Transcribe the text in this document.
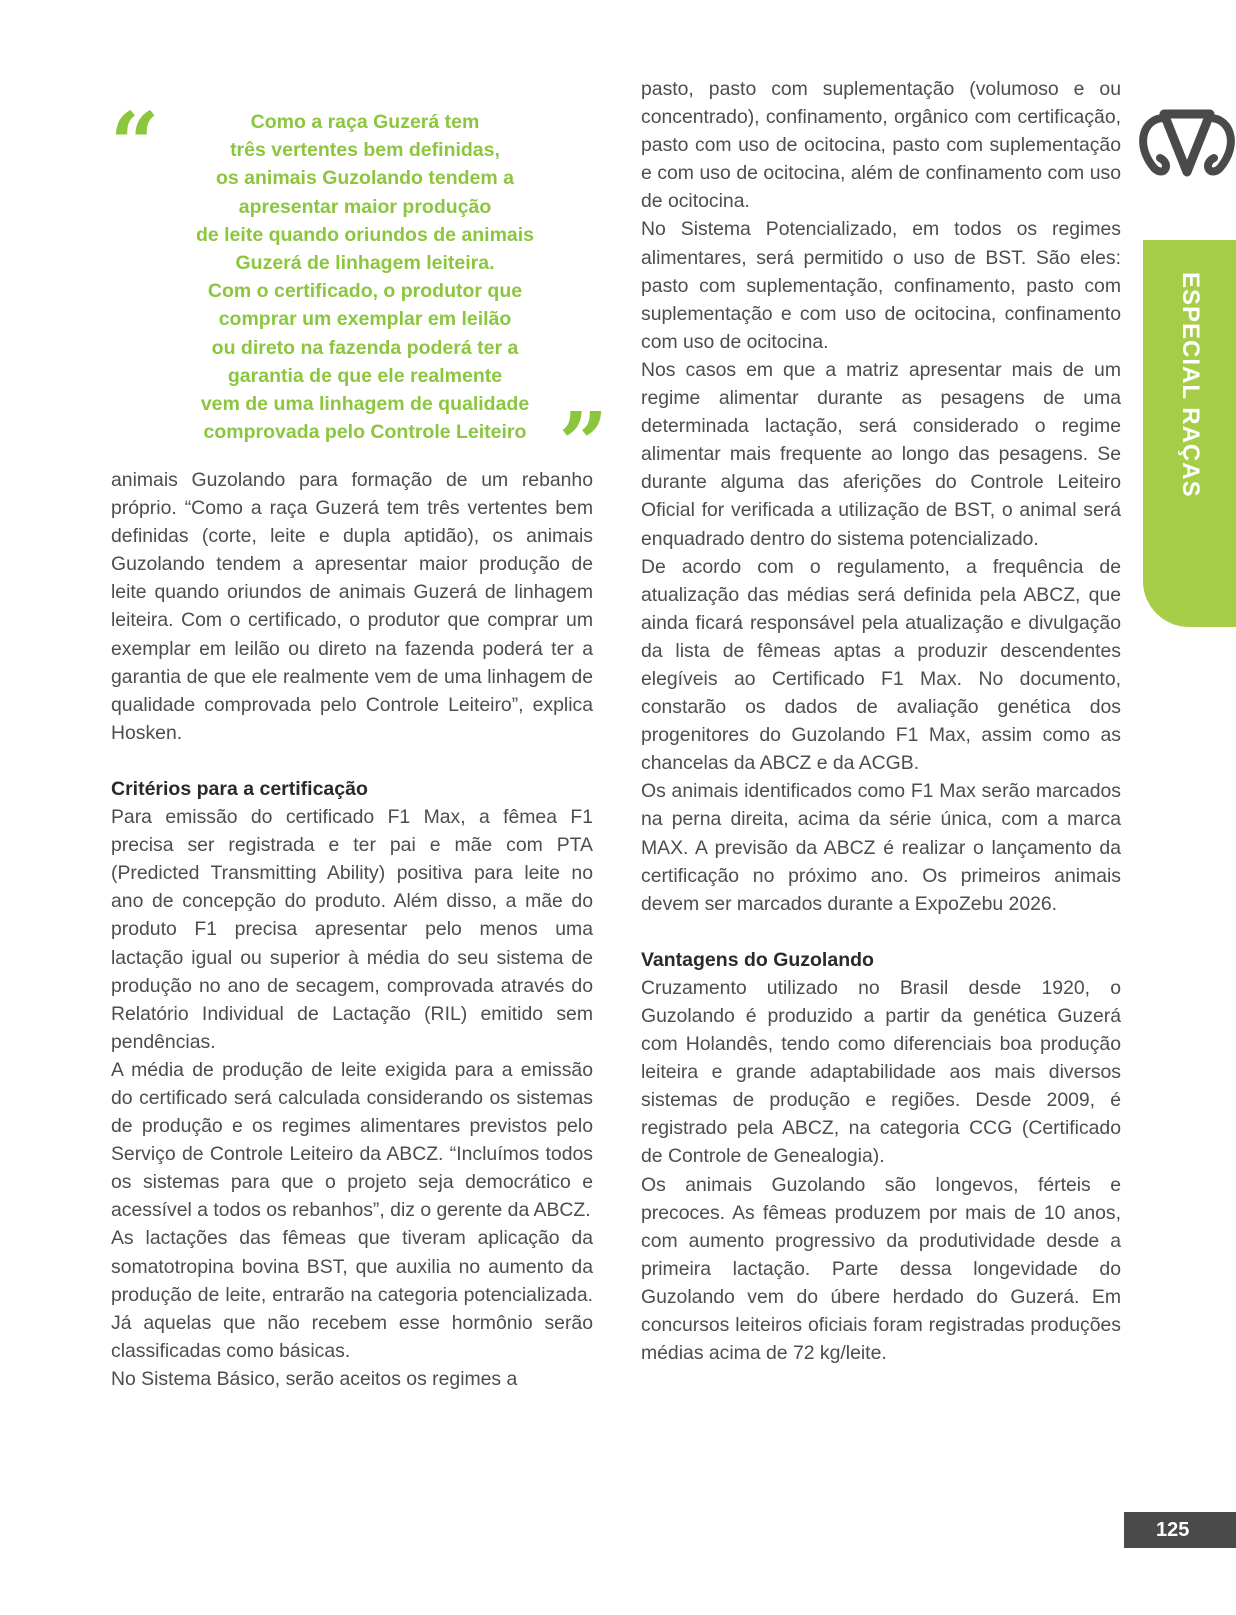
“	Como a raça Guzerá tem
três vertentes bem definidas,
os animais Guzolando tendem a
apresentar maior produção
de leite quando oriundos de animais
Guzerá de linhagem leiteira.
Com o certificado, o produtor que
comprar um exemplar em leilão
ou direto na fazenda poderá ter a
garantia de que ele realmente
vem de uma linhagem de qualidade
comprovada pelo Controle Leiteiro ”

animais Guzolando para formação de um rebanho próprio. “Como a raça Guzerá tem três vertentes bem definidas (corte, leite e dupla aptidão), os animais Guzolando tendem a apresentar maior produção de leite quando oriundos de animais Guzerá de linhagem leiteira. Com o certificado, o produtor que comprar um exemplar em leilão ou direto na fazenda poderá ter a garantia de que ele realmente vem de uma linhagem de qualidade comprovada pelo Controle Leiteiro”, explica Hosken.

Critérios para a certificação

Para emissão do certificado F1 Max, a fêmea F1 precisa ser registrada e ter pai e mãe com PTA (Predicted Transmitting Ability) positiva para leite no ano de concepção do produto. Além disso, a mãe do produto F1 precisa apresentar pelo menos uma lactação igual ou superior à média do seu sistema de produção no ano de secagem, comprovada através do Relatório Individual de Lactação (RIL) emitido sem pendências.

A média de produção de leite exigida para a emissão do certificado será calculada considerando os sistemas de produção e os regimes alimentares previstos pelo Serviço de Controle Leiteiro da ABCZ. “Incluímos todos os sistemas para que o projeto seja democrático e acessível a todos os rebanhos”, diz o gerente da ABCZ.

As lactações das fêmeas que tiveram aplicação da somatotropina bovina BST, que auxilia no aumento da produção de leite, entrarão na categoria potencializada. Já aquelas que não recebem esse hormônio serão classificadas como básicas.

No Sistema Básico, serão aceitos os regimes a

pasto, pasto com suplementação (volumoso e ou concentrado), confinamento, orgânico com certificação, pasto com uso de ocitocina, pasto com suplementação e com uso de ocitocina, além de confinamento com uso de ocitocina.

No Sistema Potencializado, em todos os regimes alimentares, será permitido o uso de BST. São eles: pasto com suplementação, confinamento, pasto com suplementação e com uso de ocitocina, confinamento com uso de ocitocina.

Nos casos em que a matriz apresentar mais de um regime alimentar durante as pesagens de uma determinada lactação, será considerado o regime alimentar mais frequente ao longo das pesagens. Se durante alguma das aferições do Controle Leiteiro Oficial for verificada a utilização de BST, o animal será enquadrado dentro do sistema potencializado.

De acordo com o regulamento, a frequência de atualização das médias será definida pela ABCZ, que ainda ficará responsável pela atualização e divulgação da lista de fêmeas aptas a produzir descendentes elegíveis ao Certificado F1 Max. No documento, constarão os dados de avaliação genética dos progenitores do Guzolando F1 Max, assim como as chancelas da ABCZ e da ACGB.

Os animais identificados como F1 Max serão marcados na perna direita, acima da série única, com a marca MAX. A previsão da ABCZ é realizar o lançamento da certificação no próximo ano. Os primeiros animais devem ser marcados durante a ExpoZebu 2026.

Vantagens do Guzolando

Cruzamento utilizado no Brasil desde 1920, o Guzolando é produzido a partir da genética Guzerá com Holandês, tendo como diferenciais boa produção leiteira e grande adaptabilidade aos mais diversos sistemas de produção e regiões. Desde 2009, é registrado pela ABCZ, na categoria CCG (Certificado de Controle de Genealogia).

Os animais Guzolando são longevos, férteis e precoces. As fêmeas produzem por mais de 10 anos, com aumento progressivo da produtividade desde a primeira lactação. Parte dessa longevidade do Guzolando vem do úbere herdado do Guzerá. Em concursos leiteiros oficiais foram registradas produções médias acima de 72 kg/leite.

ESPECIAL RAÇAS
125
